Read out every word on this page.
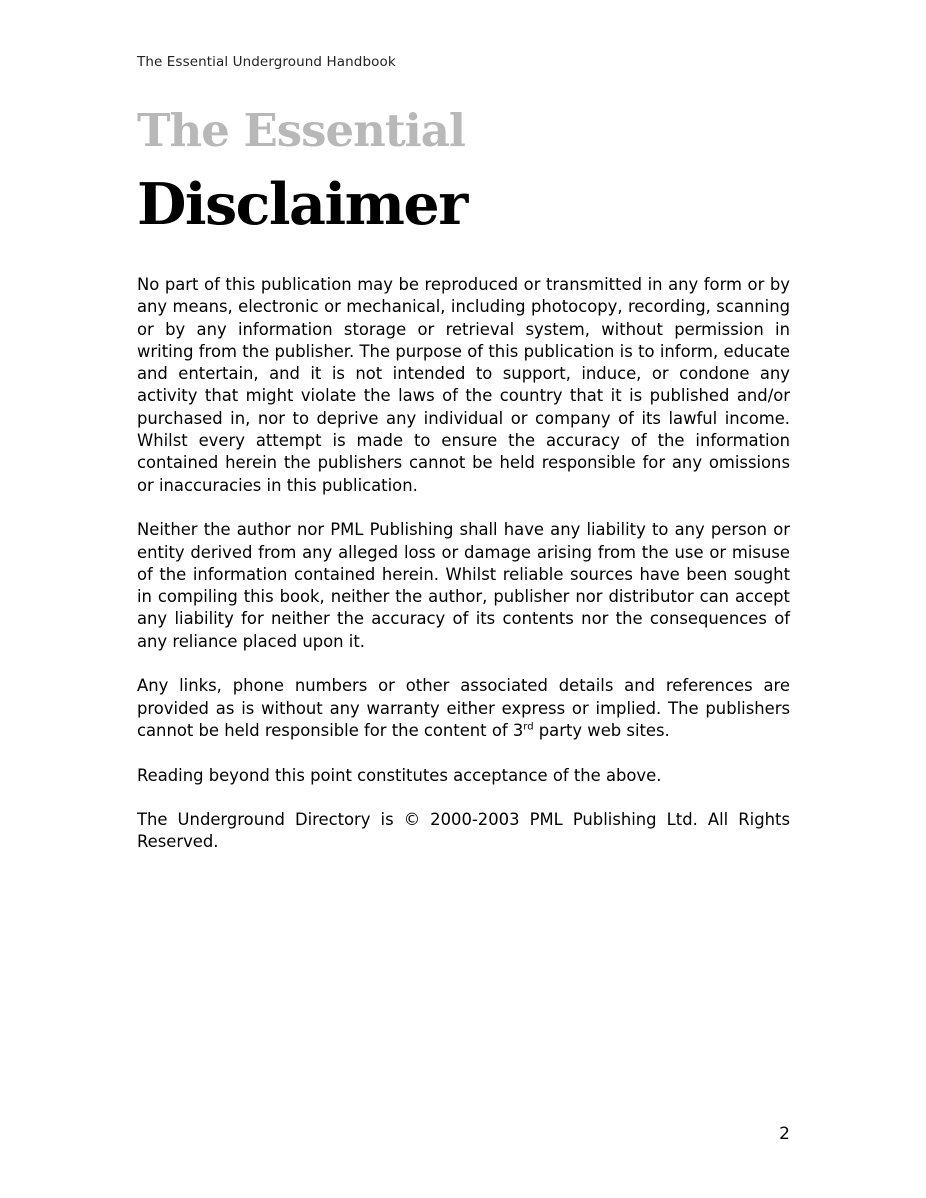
The Essential Underground Handbook
The Essential
Disclaimer

No part of this publication may be reproduced or transmitted in any form or by any means, electronic or mechanical, including photocopy, recording, scanning or by any information storage or retrieval system, without permission in writing from the publisher. The purpose of this publication is to inform, educate and entertain, and it is not intended to support, induce, or condone any activity that might violate the laws of the country that it is published and/or purchased in, nor to deprive any individual or company of its lawful income. Whilst every attempt is made to ensure the accuracy of the information contained herein the publishers cannot be held responsible for any omissions or inaccuracies in this publication.

Neither the author nor PML Publishing shall have any liability to any person or entity derived from any alleged loss or damage arising from the use or misuse of the information contained herein. Whilst reliable sources have been sought in compiling this book, neither the author, publisher nor distributor can accept any liability for neither the accuracy of its contents nor the consequences of any reliance placed upon it.

Any links, phone numbers or other associated details and references are provided as is without any warranty either express or implied. The publishers cannot be held responsible for the content of 3rd party web sites.

Reading beyond this point constitutes acceptance of the above.

The Underground Directory is © 2000-2003 PML Publishing Ltd. All Rights Reserved.

2
